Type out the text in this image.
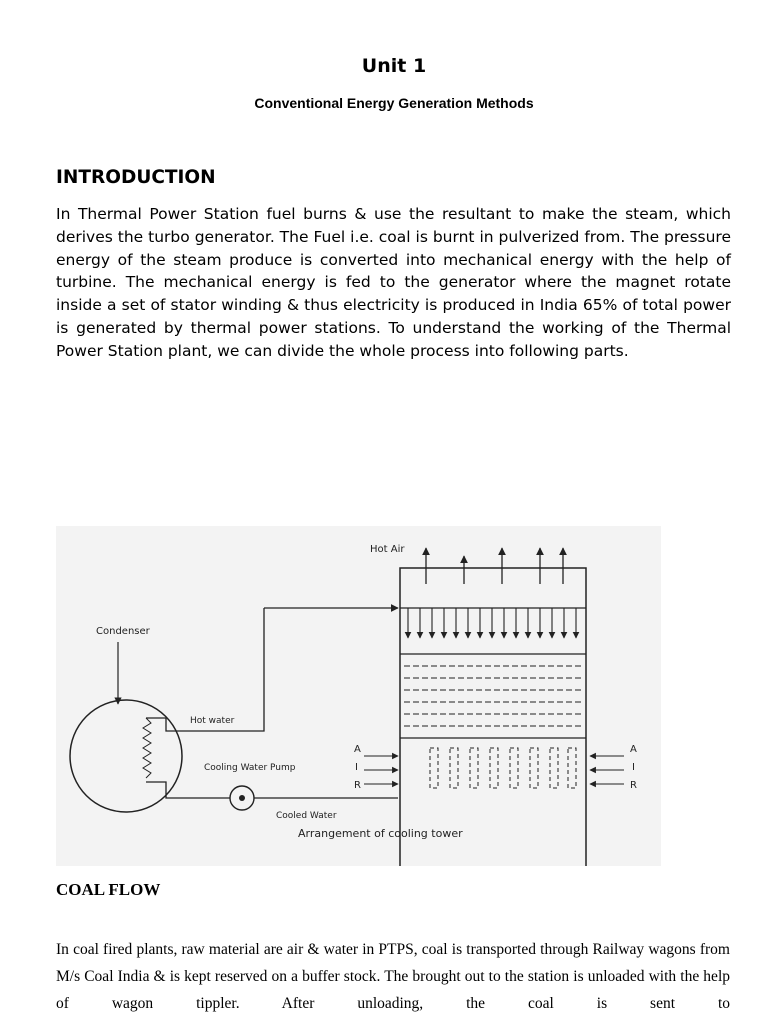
Unit 1
Conventional Energy Generation Methods
INTRODUCTION
In Thermal Power Station fuel burns & use the resultant to make the steam, which derives the turbo generator. The Fuel i.e. coal is burnt in pulverized from. The pressure energy of the steam produce is converted into mechanical energy with the help of turbine. The mechanical energy is fed to the generator where the magnet rotate inside a set of stator winding & thus electricity is produced in India 65% of total power is generated by thermal power stations. To understand the working of the Thermal Power Station plant, we can divide the whole process into following parts.
Hot Air
A
I
R
A
I
R
Condenser
Hot water
Cooling Water Pump
Cooled Water
Arrangement of cooling tower
COAL FLOW
In coal fired plants, raw material are air & water in PTPS, coal is transported through Railway wagons from M/s Coal India & is kept reserved on a buffer stock. The brought out to the station is unloaded with the help of wagon tippler. After unloading, the coal is sent to
